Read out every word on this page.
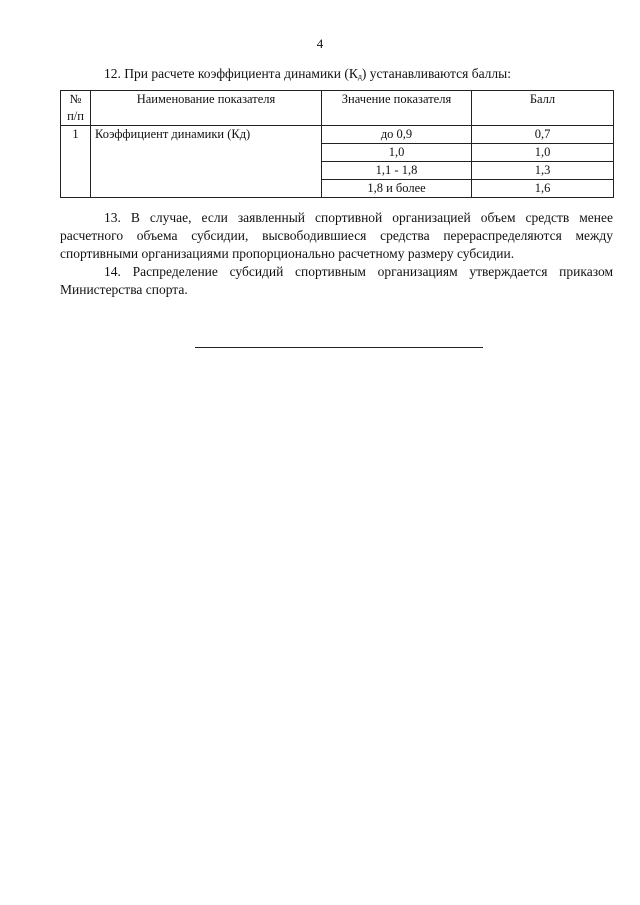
4
12. При расчете коэффициента динамики $(К_д)$ устанавливаются баллы:
№ п/п	Наименование показателя	Значение показателя	Балл
1	Коэффициент динамики (Кд)	до 0,9	0,7
		1,0	1,0
		1,1 - 1,8	1,3
		1,8 и более	1,6

13. В случае, если заявленный спортивной организацией объем средств менее расчетного объема субсидии, высвободившиеся средства перераспределяются между спортивными организациями пропорционально расчетному размеру субсидии.

14. Распределение субсидий спортивным организациям утверждается приказом Министерства спорта.
